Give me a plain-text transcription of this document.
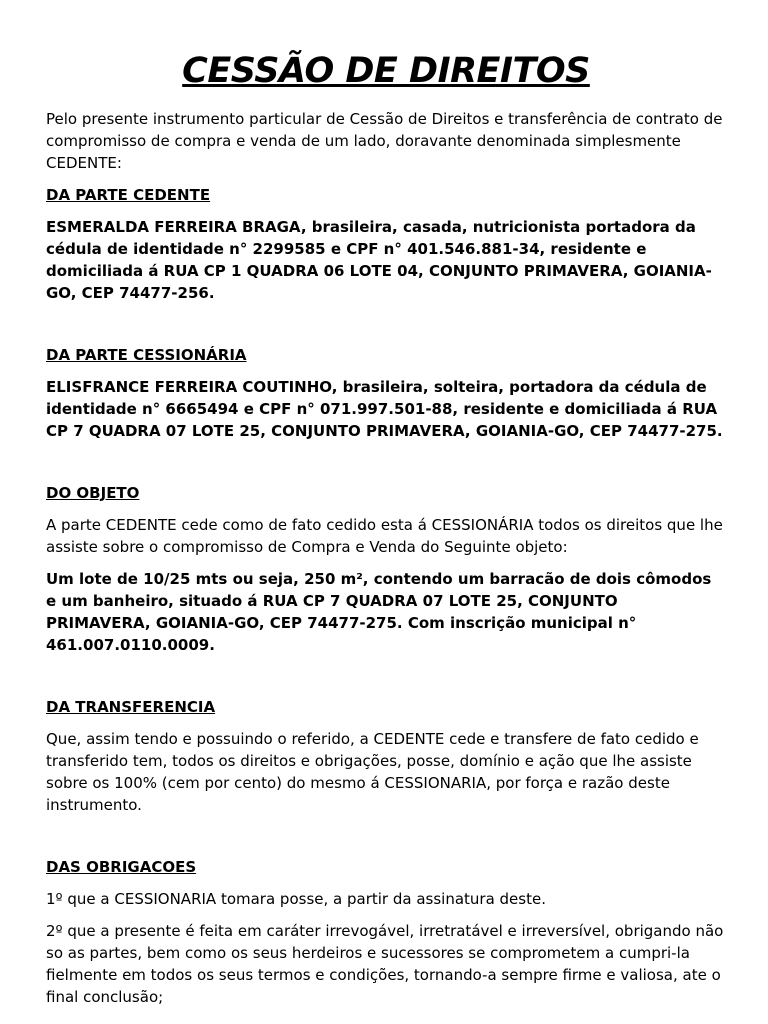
CESSÃO DE DIREITOS

Pelo presente instrumento particular de Cessão de Direitos e transferência de contrato de compromisso de compra e venda de um lado, doravante denominada simplesmente CEDENTE:

DA PARTE CEDENTE

ESMERALDA FERREIRA BRAGA, brasileira, casada, nutricionista portadora da cédula de identidade n° 2299585 e CPF n° 401.546.881-34, residente e domiciliada á RUA CP 1 QUADRA 06 LOTE 04, CONJUNTO PRIMAVERA, GOIANIA-GO, CEP 74477-256.

DA PARTE CESSIONÁRIA

ELISFRANCE FERREIRA COUTINHO, brasileira, solteira, portadora da cédula de identidade n° 6665494 e CPF n° 071.997.501-88, residente e domiciliada á RUA CP 7 QUADRA 07 LOTE 25, CONJUNTO PRIMAVERA, GOIANIA-GO, CEP 74477-275.

DO OBJETO

A parte CEDENTE cede como de fato cedido esta á CESSIONÁRIA todos os direitos que lhe assiste sobre o compromisso de Compra e Venda do Seguinte objeto:

Um lote de 10/25 mts ou seja, 250 m², contendo um barracão de dois cômodos e um banheiro, situado á RUA CP 7 QUADRA 07 LOTE 25, CONJUNTO PRIMAVERA, GOIANIA-GO, CEP 74477-275. Com inscrição municipal n° 461.007.0110.0009.

DA TRANSFERENCIA

Que, assim tendo e possuindo o referido, a CEDENTE cede e transfere de fato cedido e transferido tem, todos os direitos e obrigações, posse, domínio e ação que lhe assiste sobre os 100% (cem por cento) do mesmo á CESSIONARIA, por força e razão deste instrumento.

DAS OBRIGACOES

1º que a CESSIONARIA tomara posse, a partir da assinatura deste.

2º que a presente é feita em caráter irrevogável, irretratável e irreversível, obrigando não so as partes, bem como os seus herdeiros e sucessores se comprometem a cumpri-la fielmente em todos os seus termos e condições, tornando-a sempre firme e valiosa, ate o final conclusão;
